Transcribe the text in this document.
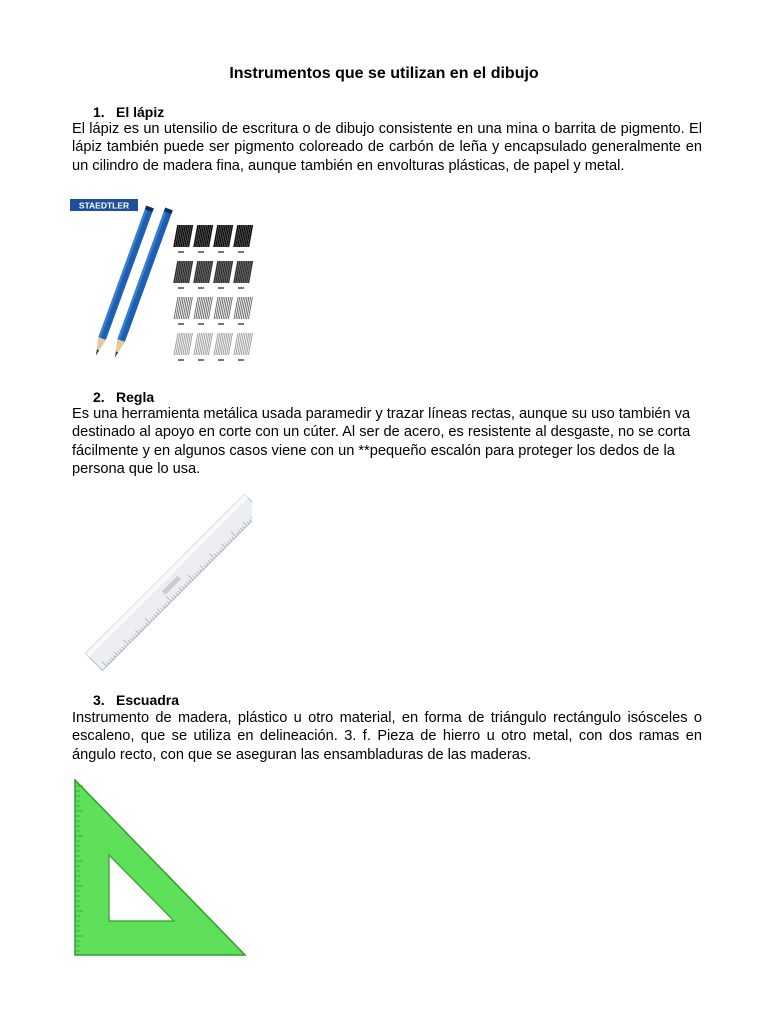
Instrumentos que se utilizan en el dibujo
1. El lápiz
El lápiz es un utensilio de escritura o de dibujo consistente en una mina o barrita de pigmento. El lápiz también puede ser pigmento coloreado de carbón de leña y encapsulado generalmente en un cilindro de madera fina, aunque también en envolturas plásticas, de papel y metal.
STAEDTLER
2. Regla
Es una herramienta metálica usada paramedir y trazar líneas rectas, aunque su uso también va destinado al apoyo en corte con un cúter. Al ser de acero, es resistente al desgaste, no se corta fácilmente y en algunos casos viene con un **pequeño escalón para proteger los dedos de la persona que lo usa.
3. Escuadra
Instrumento de madera, plástico u otro material, en forma de triángulo rectángulo isósceles o escaleno, que se utiliza en delineación. 3. f. Pieza de hierro u otro metal, con dos ramas en ángulo recto, con que se aseguran las ensambladuras de las maderas.
